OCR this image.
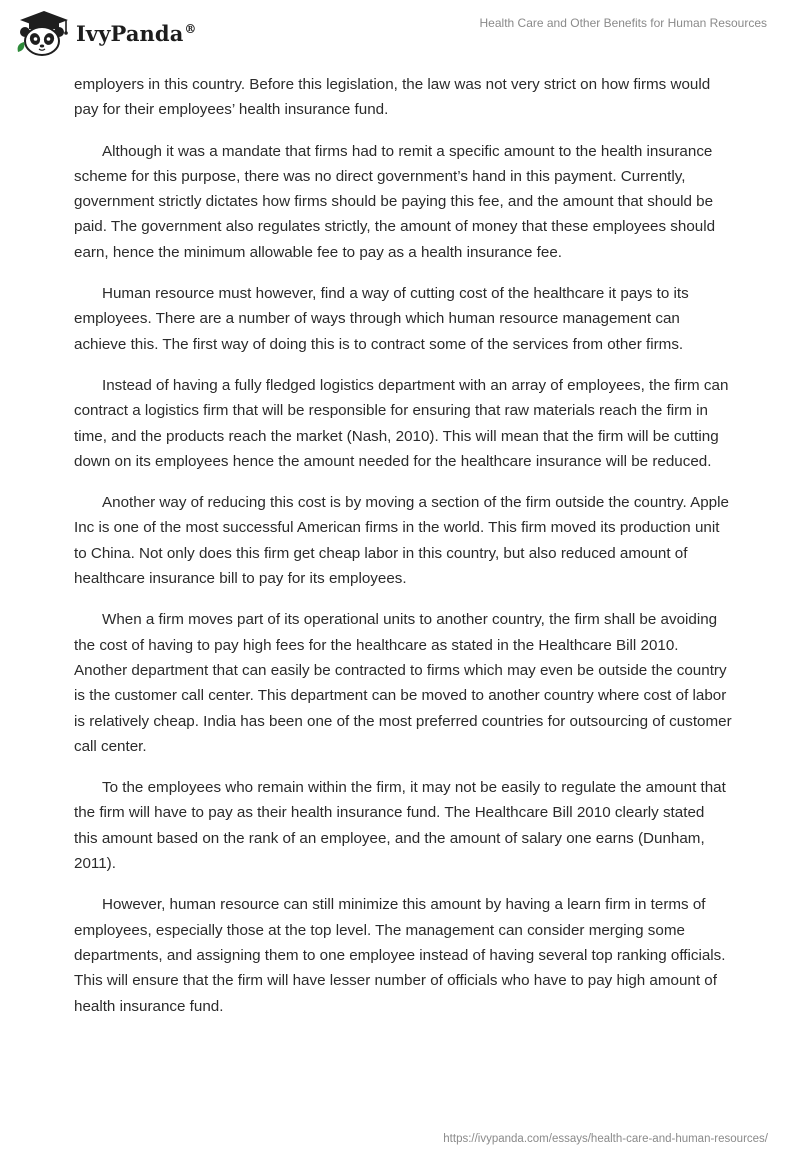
IvyPanda®	Health Care and Other Benefits for Human Resources

employers in this country. Before this legislation, the law was not very strict on how firms would pay for their employees’ health insurance fund.

Although it was a mandate that firms had to remit a specific amount to the health insurance scheme for this purpose, there was no direct government’s hand in this payment. Currently, government strictly dictates how firms should be paying this fee, and the amount that should be paid. The government also regulates strictly, the amount of money that these employees should earn, hence the minimum allowable fee to pay as a health insurance fee.

Human resource must however, find a way of cutting cost of the healthcare it pays to its employees. There are a number of ways through which human resource management can achieve this. The first way of doing this is to contract some of the services from other firms.

Instead of having a fully fledged logistics department with an array of employees, the firm can contract a logistics firm that will be responsible for ensuring that raw materials reach the firm in time, and the products reach the market (Nash, 2010). This will mean that the firm will be cutting down on its employees hence the amount needed for the healthcare insurance will be reduced.

Another way of reducing this cost is by moving a section of the firm outside the country. Apple Inc is one of the most successful American firms in the world. This firm moved its production unit to China. Not only does this firm get cheap labor in this country, but also reduced amount of healthcare insurance bill to pay for its employees.

When a firm moves part of its operational units to another country, the firm shall be avoiding the cost of having to pay high fees for the healthcare as stated in the Healthcare Bill 2010. Another department that can easily be contracted to firms which may even be outside the country is the customer call center. This department can be moved to another country where cost of labor is relatively cheap. India has been one of the most preferred countries for outsourcing of customer call center.

To the employees who remain within the firm, it may not be easily to regulate the amount that the firm will have to pay as their health insurance fund. The Healthcare Bill 2010 clearly stated this amount based on the rank of an employee, and the amount of salary one earns (Dunham, 2011).

However, human resource can still minimize this amount by having a learn firm in terms of employees, especially those at the top level. The management can consider merging some departments, and assigning them to one employee instead of having several top ranking officials. This will ensure that the firm will have lesser number of officials who have to pay high amount of health insurance fund.

https://ivypanda.com/essays/health-care-and-human-resources/
